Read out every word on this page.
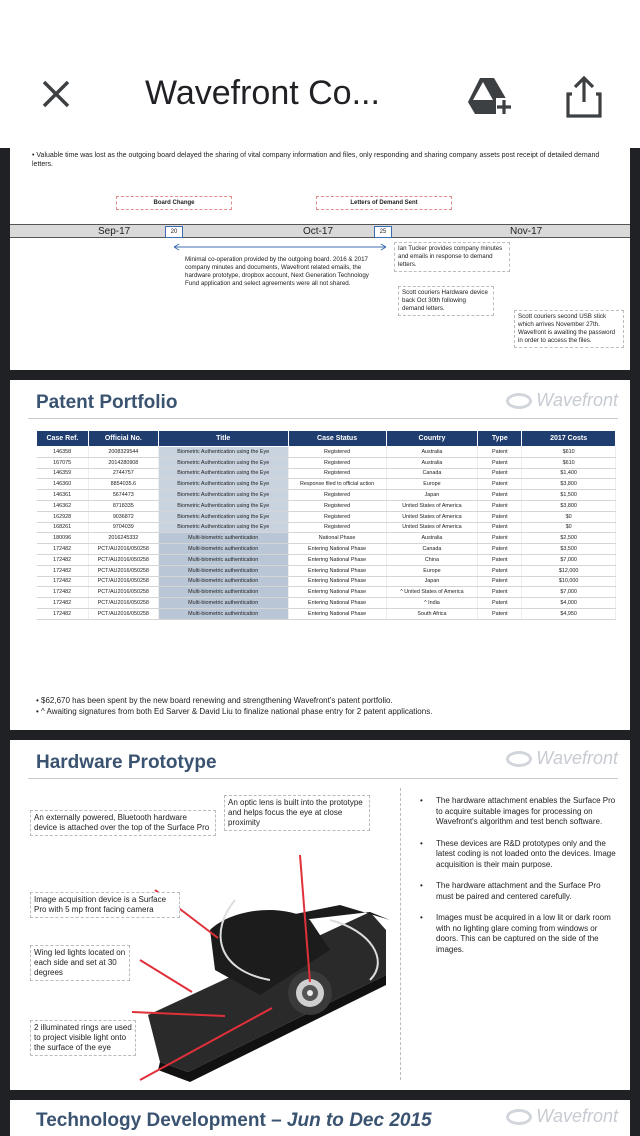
Wavefront Co...
• Valuable time was lost as the outgoing board delayed the sharing of vital company information and files, only responding and sharing company assets post receipt of detailed demand letters.
Board Change	Letters of Demand Sent
Sep-17	20	Oct-17	25	Nov-17
Minimal co-operation provided by the outgoing board. 2016 & 2017 company minutes and documents, Wavefront related emails, the hardware prototype, dropbox account, Next Generation Technology Fund application and select agreements were all not shared.
Ian Tucker provides company minutes and emails in response to demand letters.
Scott couriers Hardware device back Oct 30th following demand letters.
Scott couriers second USB stick which arrives November 27th. Wavefront is awaiting the password in order to access the files.
Patent Portfolio	Wavefront
Case Ref.	Official No.	Title	Case Status	Country	Type	2017 Costs
146358	2008329544	Biometric Authentication using the Eye	Registered	Australia	Patent	$610
167075	2014280908	Biometric Authentication using the Eye	Registered	Australia	Patent	$610
146359	2744757	Biometric Authentication using the Eye	Registered	Canada	Patent	$1,400
146360	8854035.6	Biometric Authentication using the Eye	Response filed to official action	Europe	Patent	$3,800
146361	5674473	Biometric Authentication using the Eye	Registered	Japan	Patent	$1,500
146362	8718335	Biometric Authentication using the Eye	Registered	United States of America	Patent	$3,800
162928	9036872	Biometric Authentication using the Eye	Registered	United States of America	Patent	$0
168261	9704039	Biometric Authentication using the Eye	Registered	United States of America	Patent	$0
180096	2016245332	Multi-biometric authentication	National Phase	Australia	Patent	$2,500
172482	PCT/AU2016/050258	Multi-biometric authentication	Entering National Phase	Canada	Patent	$3,500
172482	PCT/AU2016/050258	Multi-biometric authentication	Entering National Phase	China	Patent	$7,000
172482	PCT/AU2016/050258	Multi-biometric authentication	Entering National Phase	Europe	Patent	$12,000
172482	PCT/AU2016/050258	Multi-biometric authentication	Entering National Phase	Japan	Patent	$10,000
172482	PCT/AU2016/050258	Multi-biometric authentication	Entering National Phase	^ United States of America	Patent	$7,000
172482	PCT/AU2016/050258	Multi-biometric authentication	Entering National Phase	^ India	Patent	$4,000
172482	PCT/AU2016/050258	Multi-biometric authentication	Entering National Phase	South Africa	Patent	$4,950
• $62,670 has been spent by the new board renewing and strengthening Wavefront's patent portfolio.
• ^ Awaiting signatures from both Ed Sarver & David Liu to finalize national phase entry for 2 patent applications.
Hardware Prototype	Wavefront
An externally powered, Bluetooth hardware device is attached over the top of the Surface Pro
An optic lens is built into the prototype and helps focus the eye at close proximity
Image acquisition device is a Surface Pro with 5 mp front facing camera
Wing led lights located on each side and set at 30 degrees
2 illuminated rings are used to project visible light onto the surface of the eye
• The hardware attachment enables the Surface Pro to acquire suitable images for processing on Wavefront's algorithm and test bench software.
• These devices are R&D prototypes only and the latest coding is not loaded onto the devices. Image acquisition is their main purpose.
• The hardware attachment and the Surface Pro must be paired and centered carefully.
• Images must be acquired in a low lit or dark room with no lighting glare coming from windows or doors. This can be captured on the side of the images.
Technology Development – Jun to Dec 2015	Wavefront
